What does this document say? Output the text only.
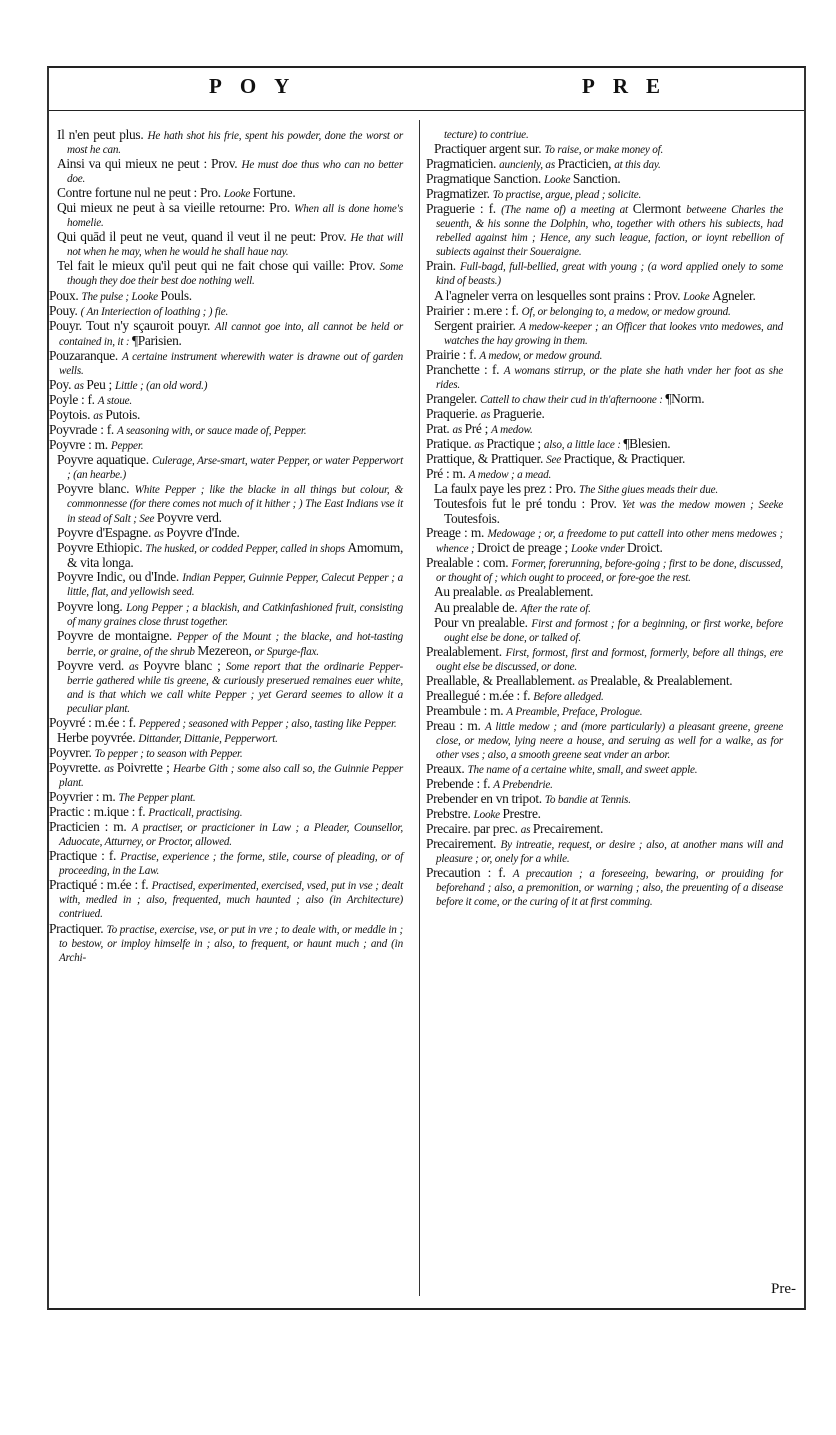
POY	PRE

Il n'en peut plus. He hath shot his frie, spent his powder, done the worst or most he can.

Ainsi va qui mieux ne peut : Prov. He must doe thus who can no better doe.

Contre fortune nul ne peut : Pro. Looke Fortune.

Qui mieux ne peut à sa vieille retourne: Pro. When all is done home's homelie.

Qui quād il peut ne veut, quand il veut il ne peut: Prov. He that will not when he may, when he would he shall haue nay.

Tel fait le mieux qu'il peut qui ne fait chose qui vaille: Prov. Some though they doe their best doe nothing well.

Poux. The pulse ; Looke Pouls.

Pouy. ( An Interiection of loathing ; ) fie.

Pouyr. Tout n'y sçauroit pouyr. All cannot goe into, all cannot be held or contained in, it : ¶Parisien.

Pouzaranque. A certaine instrument wherewith water is drawne out of garden wells.

Poy. as Peu ; Little ; (an old word.)

Poyle : f. A stoue.

Poytois. as Putois.

Poyvrade : f. A seasoning with, or sauce made of, Pepper.

Poyvre : m. Pepper.

Poyvre aquatique. Culerage, Arse-smart, water Pepper, or water Pepperwort ; (an hearbe.)

Poyvre blanc. White Pepper ; like the blacke in all things but colour, & commonnesse (for there comes not much of it hither ; ) The East Indians vse it in stead of Salt ; See Poyvre verd.

Poyvre d'Espagne. as Poyvre d'Inde.

Poyvre Ethiopic. The husked, or codded Pepper, called in shops Amomum, & vita longa.

Poyvre Indic, ou d'Inde. Indian Pepper, Guinnie Pepper, Calecut Pepper ; a little, flat, and yellowish seed.

Poyvre long. Long Pepper ; a blackish, and Catkinfashioned fruit, consisting of many graines close thrust together.

Poyvre de montaigne. Pepper of the Mount ; the blacke, and hot-tasting berrie, or graine, of the shrub Mezereon, or Spurge-flax.

Poyvre verd. as Poyvre blanc ; Some report that the ordinarie Pepper-berrie gathered while tis greene, & curiously preserued remaines euer white, and is that which we call white Pepper ; yet Gerard seemes to allow it a peculiar plant.

Poyvré : m.ée : f. Peppered ; seasoned with Pepper ; also, tasting like Pepper.

Herbe poyvrée. Dittander, Dittanie, Pepperwort.

Poyvrer. To pepper ; to season with Pepper.

Poyvrette. as Poivrette ; Hearbe Gith ; some also call so, the Guinnie Pepper plant.

Poyvrier : m. The Pepper plant.

Practic : m.ique : f. Practicall, practising.

Practicien : m. A practiser, or practicioner in Law ; a Pleader, Counsellor, Aduocate, Atturney, or Proctor, allowed.

Practique : f. Practise, experience ; the forme, stile, course of pleading, or of proceeding, in the Law.

Practiqué : m.ée : f. Practised, experimented, exercised, vsed, put in vse ; dealt with, medled in ; also, frequented, much haunted ; also (in Architecture) contriued.

Practiquer. To practise, exercise, vse, or put in vre ; to deale with, or meddle in ; to bestow, or imploy himselfe in ; also, to frequent, or haunt much ; and (in Archi-

tecture) to contriue.

Practiquer argent sur. To raise, or make money of.

Pragmaticien. auncienly, as Practicien, at this day.

Pragmatique Sanction. Looke Sanction.

Pragmatizer. To practise, argue, plead ; solicite.

Praguerie : f. (The name of) a meeting at Clermont betweene Charles the seuenth, & his sonne the Dolphin, who, together with others his subiects, had rebelled against him ; Hence, any such league, faction, or ioynt rebellion of subiects against their Soueraigne.

Prain. Full-bagd, full-bellied, great with young ; (a word applied onely to some kind of beasts.)

A l'agneler verra on lesquelles sont prains : Prov. Looke Agneler.

Prairier : m.ere : f. Of, or belonging to, a medow, or medow ground.

Sergent prairier. A medow-keeper ; an Officer that lookes vnto medowes, and watches the hay growing in them.

Prairie : f. A medow, or medow ground.

Pranchette : f. A womans stirrup, or the plate she hath vnder her foot as she rides.

Prangeler. Cattell to chaw their cud in th'afternoone : ¶Norm.

Praquerie. as Praguerie.

Prat. as Pré ; A medow.

Pratique. as Practique ; also, a little lace : ¶Blesien.

Prattique, & Prattiquer. See Practique, & Practiquer.

Pré : m. A medow ; a mead.

La faulx paye les prez : Pro. The Sithe giues meads their due.

Toutesfois fut le pré tondu : Prov. Yet was the medow mowen ; Seeke Toutesfois.

Preage : m. Medowage ; or, a freedome to put cattell into other mens medowes ; whence ; Droict de preage ; Looke vnder Droict.

Prealable : com. Former, forerunning, before-going ; first to be done, discussed, or thought of ; which ought to proceed, or fore-goe the rest.

Au prealable. as Prealablement.

Au prealable de. After the rate of.

Pour vn prealable. First and formost ; for a beginning, or first worke, before ought else be done, or talked of.

Prealablement. First, formost, first and formost, formerly, before all things, ere ought else be discussed, or done.

Preallable, & Preallablement. as Prealable, & Prealablement.

Preallegué : m.ée : f. Before alledged.

Preambule : m. A Preamble, Preface, Prologue.

Preau : m. A little medow ; and (more particularly) a pleasant greene, greene close, or medow, lying neere a house, and seruing as well for a walke, as for other vses ; also, a smooth greene seat vnder an arbor.

Preaux. The name of a certaine white, small, and sweet apple.

Prebende : f. A Prebendrie.

Prebender en vn tripot. To bandie at Tennis.

Prebstre. Looke Prestre.

Precaire. par prec. as Precairement.

Precairement. By intreatie, request, or desire ; also, at another mans will and pleasure ; or, onely for a while.

Precaution : f. A precaution ; a foreseeing, bewaring, or prouiding for beforehand ; also, a premonition, or warning ; also, the preuenting of a disease before it come, or the curing of it at first comming.

Pre-
